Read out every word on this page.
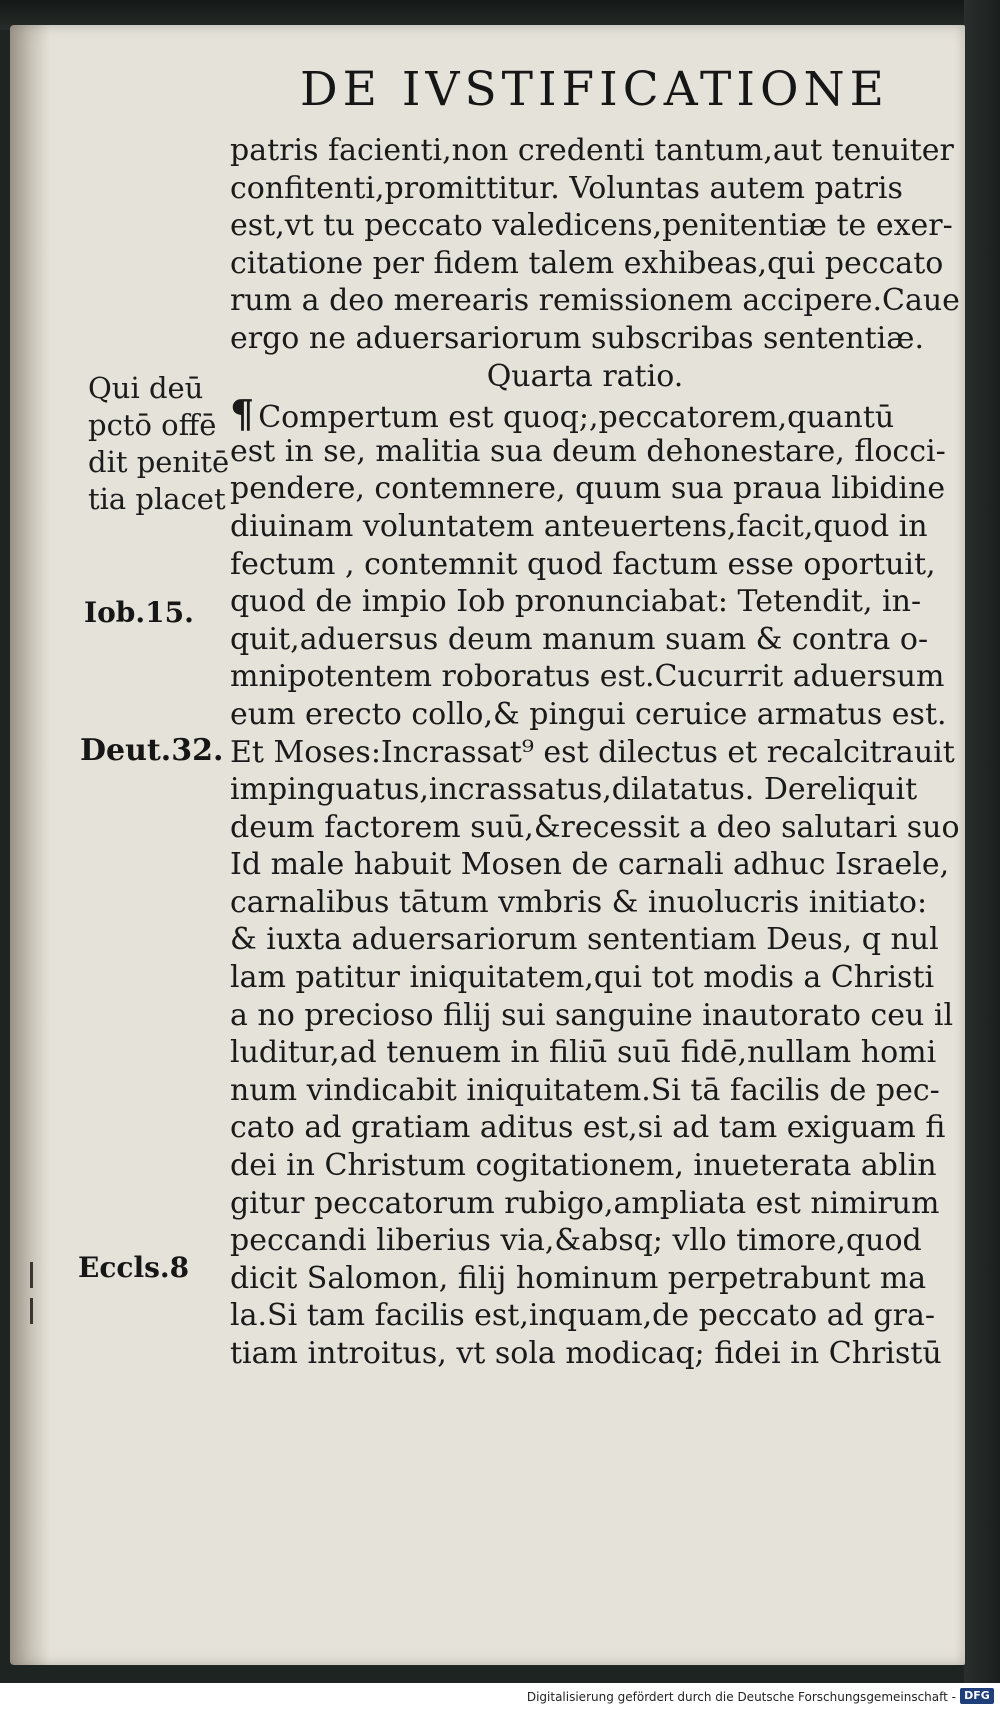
DE IVSTIFICATIONE
patris facienti,non credenti tantum,aut tenuiter
confitenti,promittitur. Voluntas autem patris
est,vt tu peccato valedicens,penitentiæ te exer-
citatione per fidem talem exhibeas,qui peccato
rum a deo merearis remissionem accipere.Caue
ergo ne aduersariorum subscribas sententiæ.
Quarta ratio.
¶ Compertum est quoq;,peccatorem,quantū
est in se, malitia sua deum dehonestare, flocci-
pendere, contemnere, quum sua praua libidine
diuinam voluntatem anteuertens,facit,quod in
fectum , contemnit quod factum esse oportuit,
quod de impio Iob pronunciabat: Tetendit, in-
quit,aduersus deum manum suam & contra o-
mnipotentem roboratus est.Cucurrit aduersum
eum erecto collo,& pingui ceruice armatus est.
Et Moses:Incrassat⁹ est dilectus et recalcitrauit
impinguatus,incrassatus,dilatatus. Dereliquit
deum factorem suū,&recessit a deo salutari suo
Id male habuit Mosen de carnali adhuc Israele,
carnalibus tātum vmbris & inuolucris initiato:
& iuxta aduersariorum sententiam Deus, q nul
lam patitur iniquitatem,qui tot modis a Christi
a no precioso filij sui sanguine inautorato ceu il
luditur,ad tenuem in filiū suū fidē,nullam homi
num vindicabit iniquitatem.Si tā facilis de pec-
cato ad gratiam aditus est,si ad tam exiguam fi
dei in Christum cogitationem, inueterata ablin
gitur peccatorum rubigo,ampliata est nimirum
peccandi liberius via,&absq; vllo timore,quod
dicit Salomon, filij hominum perpetrabunt ma
la.Si tam facilis est,inquam,de peccato ad gra-
tiam introitus, vt sola modicaq; fidei in Christū
Qui deū
pctō offē
dit penitē
tia placet
Iob.15.
Deut.32.
Eccls.8
Digitalisierung gefördert durch die Deutsche Forschungsgemeinschaft - DFG
